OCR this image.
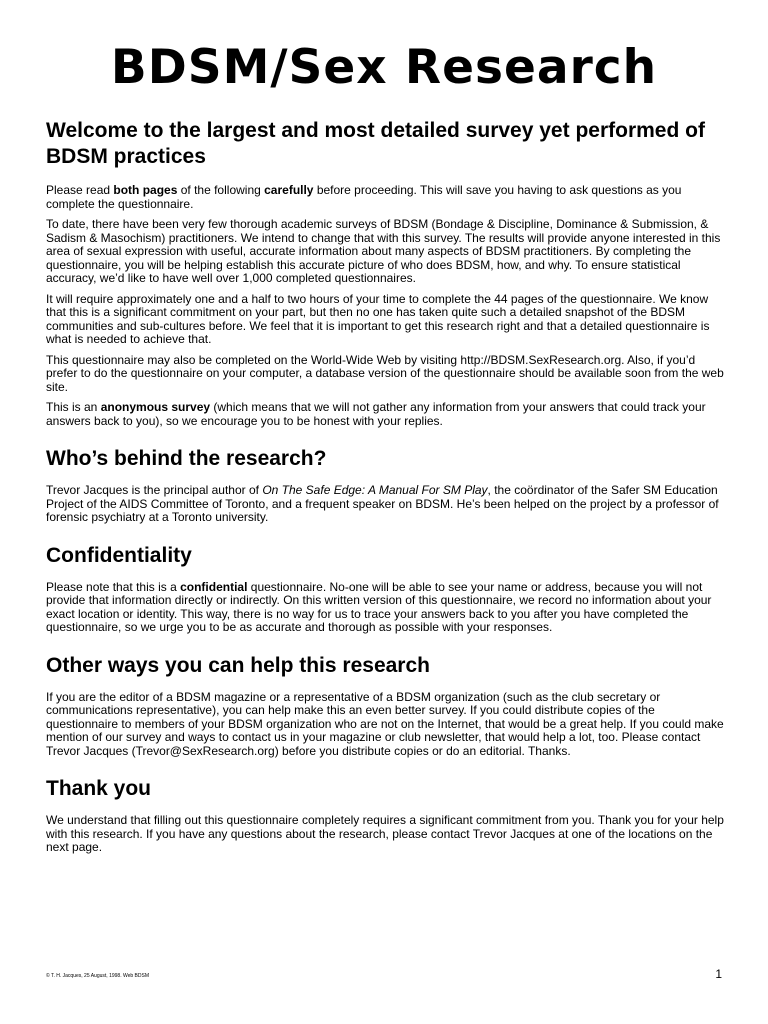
BDSM/Sex Research
Welcome to the largest and most detailed survey yet performed of BDSM practices

Please read both pages of the following carefully before proceeding. This will save you having to ask questions as you complete the questionnaire.

To date, there have been very few thorough academic surveys of BDSM (Bondage & Discipline, Dominance & Submission, & Sadism & Masochism) practitioners. We intend to change that with this survey. The results will provide anyone interested in this area of sexual expression with useful, accurate information about many aspects of BDSM practitioners. By completing the questionnaire, you will be helping establish this accurate picture of who does BDSM, how, and why. To ensure statistical accuracy, we’d like to have well over 1,000 completed questionnaires.

It will require approximately one and a half to two hours of your time to complete the 44 pages of the questionnaire. We know that this is a significant commitment on your part, but then no one has taken quite such a detailed snapshot of the BDSM communities and sub-cultures before. We feel that it is important to get this research right and that a detailed questionnaire is what is needed to achieve that.

This questionnaire may also be completed on the World-Wide Web by visiting http://BDSM.SexResearch.org. Also, if you’d prefer to do the questionnaire on your computer, a database version of the questionnaire should be available soon from the web site.

This is an anonymous survey (which means that we will not gather any information from your answers that could track your answers back to you), so we encourage you to be honest with your replies.

Who’s behind the research?

Trevor Jacques is the principal author of On The Safe Edge: A Manual For SM Play, the coördinator of the Safer SM Education Project of the AIDS Committee of Toronto, and a frequent speaker on BDSM. He’s been helped on the project by a professor of forensic psychiatry at a Toronto university.

Confidentiality

Please note that this is a confidential questionnaire. No-one will be able to see your name or address, because you will not provide that information directly or indirectly. On this written version of this questionnaire, we record no information about your exact location or identity. This way, there is no way for us to trace your answers back to you after you have completed the questionnaire, so we urge you to be as accurate and thorough as possible with your responses.

Other ways you can help this research

If you are the editor of a BDSM magazine or a representative of a BDSM organization (such as the club secretary or communications representative), you can help make this an even better survey. If you could distribute copies of the questionnaire to members of your BDSM organization who are not on the Internet, that would be a great help. If you could make mention of our survey and ways to contact us in your magazine or club newsletter, that would help a lot, too. Please contact Trevor Jacques (Trevor@SexResearch.org) before you distribute copies or do an editorial. Thanks.

Thank you

We understand that filling out this questionnaire completely requires a significant commitment from you. Thank you for your help with this research. If you have any questions about the research, please contact Trevor Jacques at one of the locations on the next page.

© T. H. Jacques, 25 August, 1998. Web BDSM	1
